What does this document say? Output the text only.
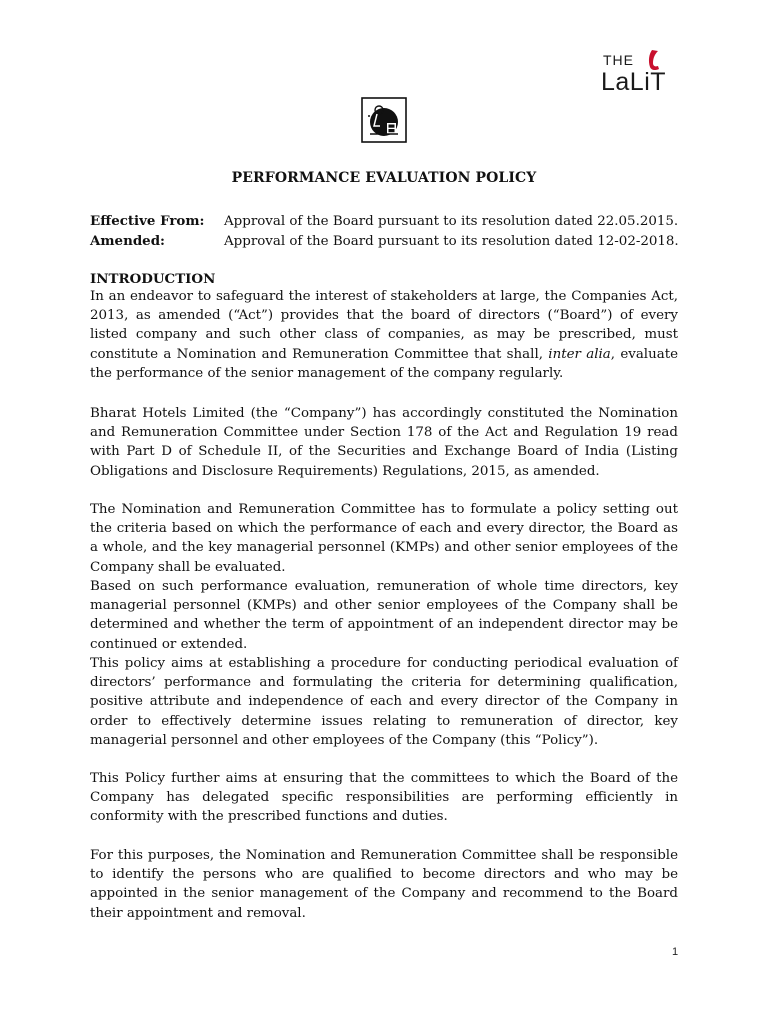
THE
LaLiT
PERFORMANCE EVALUATION POLICY
Effective From: Approval of the Board pursuant to its resolution dated 22.05.2015.
Amended:	Approval of the Board pursuant to its resolution dated 12-02-2018.
INTRODUCTION

In an endeavor to safeguard the interest of stakeholders at large, the Companies Act, 2013, as amended (“Act”) provides that the board of directors (“Board”) of every listed company and such other class of companies, as may be prescribed, must constitute a Nomination and Remuneration Committee that shall, inter alia, evaluate the performance of the senior management of the company regularly.

Bharat Hotels Limited (the “Company”) has accordingly constituted the Nomination and Remuneration Committee under Section 178 of the Act and Regulation 19 read with Part D of Schedule II, of the Securities and Exchange Board of India (Listing Obligations and Disclosure Requirements) Regulations, 2015, as amended.

The Nomination and Remuneration Committee has to formulate a policy setting out the criteria based on which the performance of each and every director, the Board as a whole, and the key managerial personnel (KMPs) and other senior employees of the Company shall be evaluated.

Based on such performance evaluation, remuneration of whole time directors, key managerial personnel (KMPs) and other senior employees of the Company shall be determined and whether the term of appointment of an independent director may be continued or extended.

This policy aims at establishing a procedure for conducting periodical evaluation of directors’ performance and formulating the criteria for determining qualification, positive attribute and independence of each and every director of the Company in order to effectively determine issues relating to remuneration of director, key managerial personnel and other employees of the Company (this “Policy”).

This Policy further aims at ensuring that the committees to which the Board of the Company has delegated specific responsibilities are performing efficiently in conformity with the prescribed functions and duties.

For this purposes, the Nomination and Remuneration Committee shall be responsible to identify the persons who are qualified to become directors and who may be appointed in the senior management of the Company and recommend to the Board their appointment and removal.

1
